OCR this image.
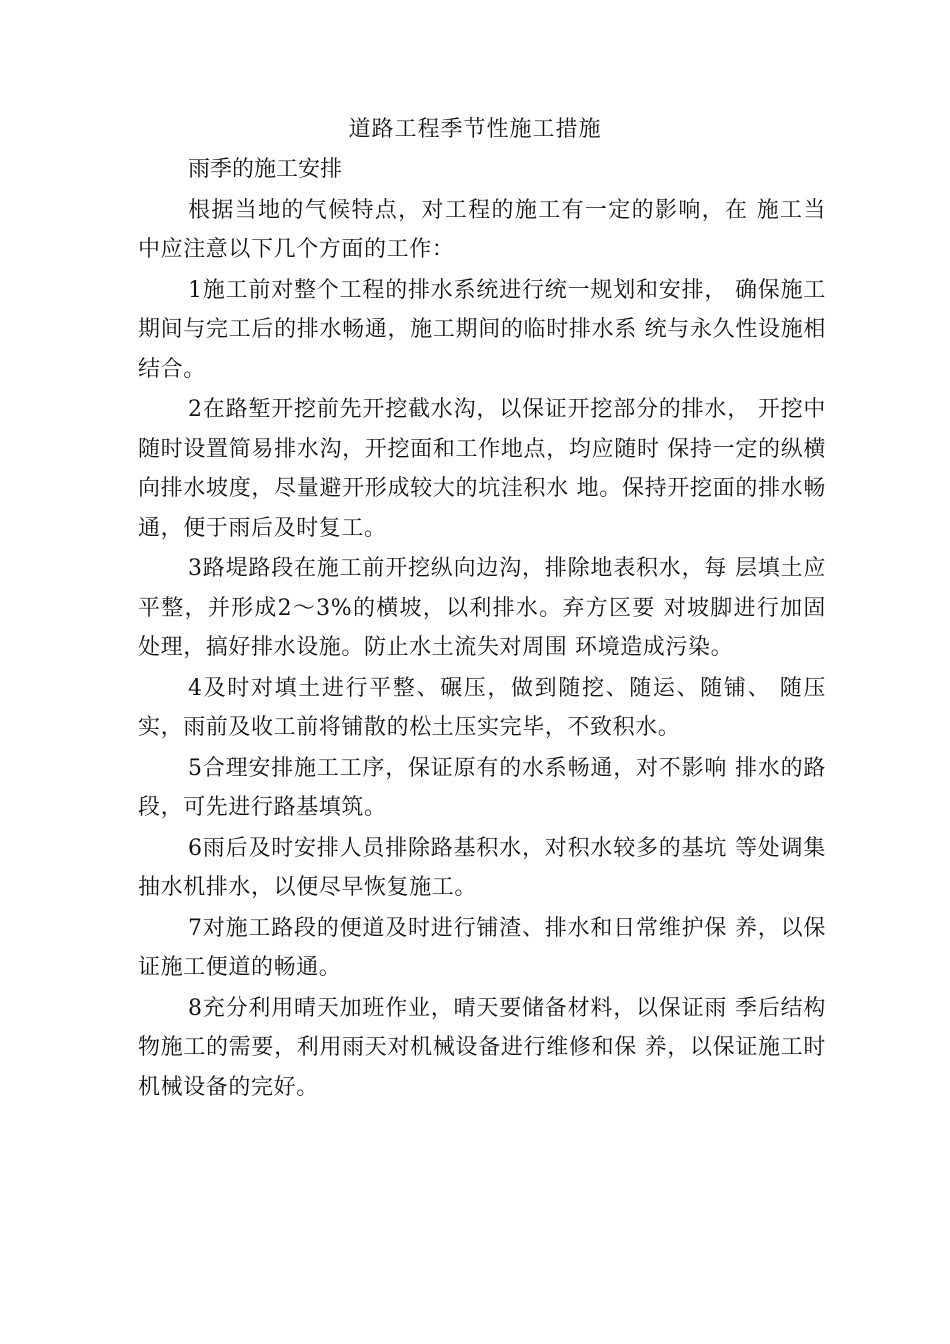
道路工程季节性施工措施

雨季的施工安排

根据当地的气候特点，对工程的施工有一定的影响，在 施工当中应注意以下几个方面的工作：

1施工前对整个工程的排水系统进行统一规划和安排， 确保施工期间与完工后的排水畅通，施工期间的临时排水系 统与永久性设施相结合。

2在路堑开挖前先开挖截水沟，以保证开挖部分的排水， 开挖中随时设置简易排水沟，开挖面和工作地点，均应随时 保持一定的纵横向排水坡度，尽量避开形成较大的坑洼积水 地。保持开挖面的排水畅通，便于雨后及时复工。

3路堤路段在施工前开挖纵向边沟，排除地表积水，每 层填土应平整，并形成2〜3%的横坡，以利排水。弃方区要 对坡脚进行加固处理，搞好排水设施。防止水土流失对周围 环境造成污染。

4及时对填土进行平整、碾压，做到随挖、随运、随铺、 随压实，雨前及收工前将铺散的松土压实完毕，不致积水。

5合理安排施工工序，保证原有的水系畅通，对不影响 排水的路段，可先进行路基填筑。

6雨后及时安排人员排除路基积水，对积水较多的基坑 等处调集抽水机排水，以便尽早恢复施工。

7对施工路段的便道及时进行铺渣、排水和日常维护保 养，以保证施工便道的畅通。

8充分利用晴天加班作业，晴天要储备材料，以保证雨 季后结构物施工的需要，利用雨天对机械设备进行维修和保 养，以保证施工时机械设备的完好。
